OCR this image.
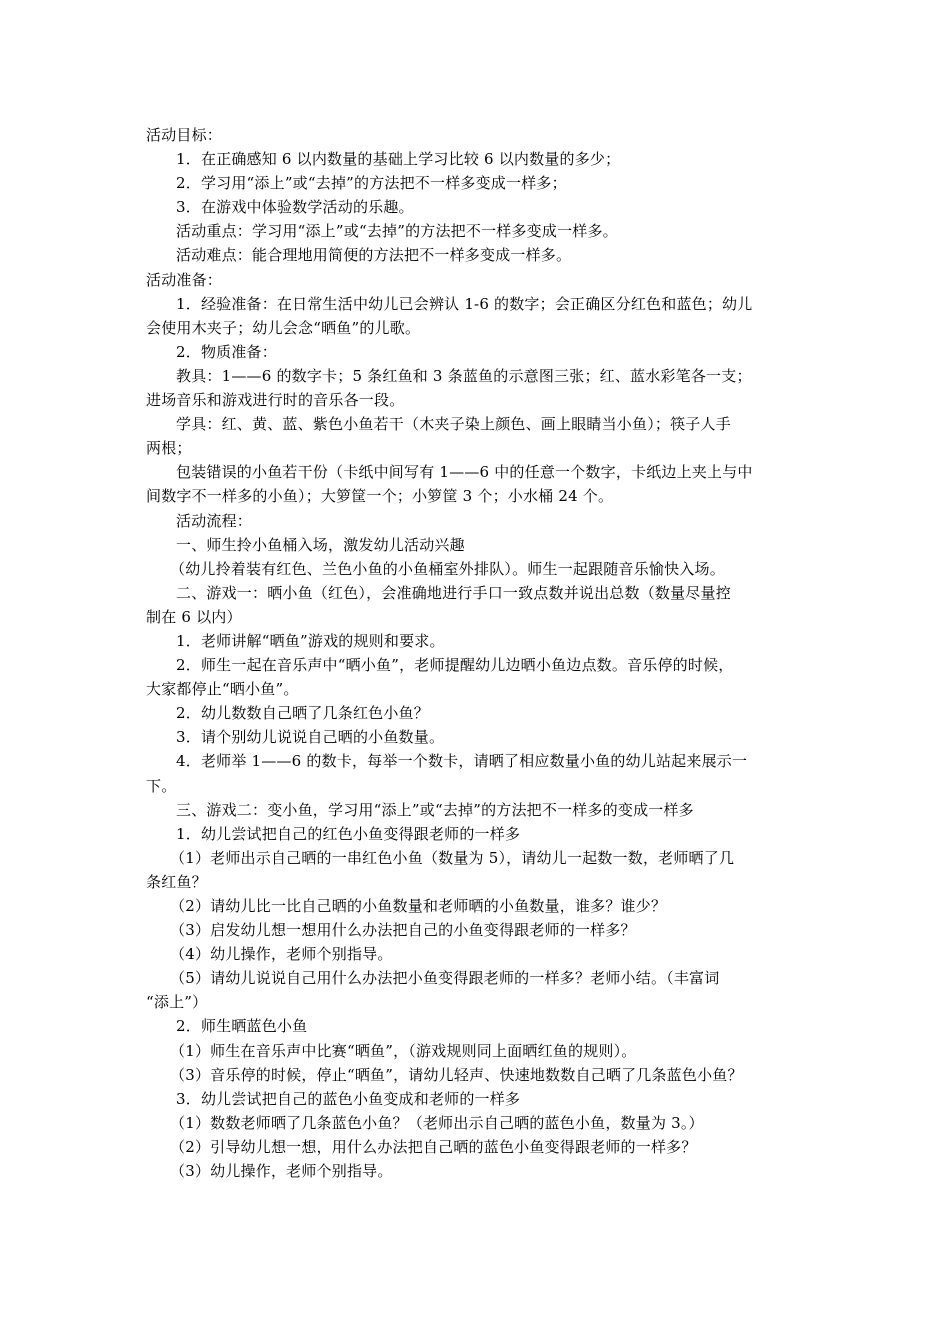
活动目标：
1．在正确感知 6 以内数量的基础上学习比较 6 以内数量的多少；
2．学习用“添上”或“去掉”的方法把不一样多变成一样多；
3．在游戏中体验数学活动的乐趣。
活动重点：学习用“添上”或“去掉”的方法把不一样多变成一样多。
活动难点：能合理地用简便的方法把不一样多变成一样多。
活动准备：
1．经验准备：在日常生活中幼儿已会辨认 1-6 的数字；会正确区分红色和蓝色；幼儿
会使用木夹子；幼儿会念“晒鱼”的儿歌。
2．物质准备：
教具：1——6 的数字卡；5 条红鱼和 3 条蓝鱼的示意图三张；红、蓝水彩笔各一支；
进场音乐和游戏进行时的音乐各一段。
学具：红、黄、蓝、紫色小鱼若干（木夹子染上颜色、画上眼睛当小鱼）；筷子人手
两根；
包装错误的小鱼若干份（卡纸中间写有 1——6 中的任意一个数字，卡纸边上夹上与中
间数字不一样多的小鱼）；大箩筐一个；小箩筐 3 个；小水桶 24 个。
活动流程：
一、师生拎小鱼桶入场，激发幼儿活动兴趣
（幼儿拎着装有红色、兰色小鱼的小鱼桶室外排队）。师生一起跟随音乐愉快入场。
二、游戏一：晒小鱼（红色），会准确地进行手口一致点数并说出总数（数量尽量控
制在 6 以内）
1．老师讲解“晒鱼”游戏的规则和要求。
2．师生一起在音乐声中“晒小鱼”，老师提醒幼儿边晒小鱼边点数。音乐停的时候，
大家都停止“晒小鱼”。
2．幼儿数数自己晒了几条红色小鱼？
3．请个别幼儿说说自己晒的小鱼数量。
4．老师举 1——6 的数卡，每举一个数卡，请晒了相应数量小鱼的幼儿站起来展示一
下。
三、游戏二：变小鱼，学习用“添上”或“去掉”的方法把不一样多的变成一样多
1．幼儿尝试把自己的红色小鱼变得跟老师的一样多
（1）老师出示自己晒的一串红色小鱼（数量为 5），请幼儿一起数一数，老师晒了几
条红鱼？
（2）请幼儿比一比自己晒的小鱼数量和老师晒的小鱼数量，谁多？谁少？
（3）启发幼儿想一想用什么办法把自己的小鱼变得跟老师的一样多？
（4）幼儿操作，老师个别指导。
（5）请幼儿说说自己用什么办法把小鱼变得跟老师的一样多？老师小结。（丰富词
“添上”）
2．师生晒蓝色小鱼
（1）师生在音乐声中比赛“晒鱼”，（游戏规则同上面晒红鱼的规则）。
（3）音乐停的时候，停止“晒鱼”，请幼儿轻声、快速地数数自己晒了几条蓝色小鱼？
3．幼儿尝试把自己的蓝色小鱼变成和老师的一样多
（1）数数老师晒了几条蓝色小鱼？（老师出示自己晒的蓝色小鱼，数量为 3。）
（2）引导幼儿想一想，用什么办法把自己晒的蓝色小鱼变得跟老师的一样多？
（3）幼儿操作，老师个别指导。
